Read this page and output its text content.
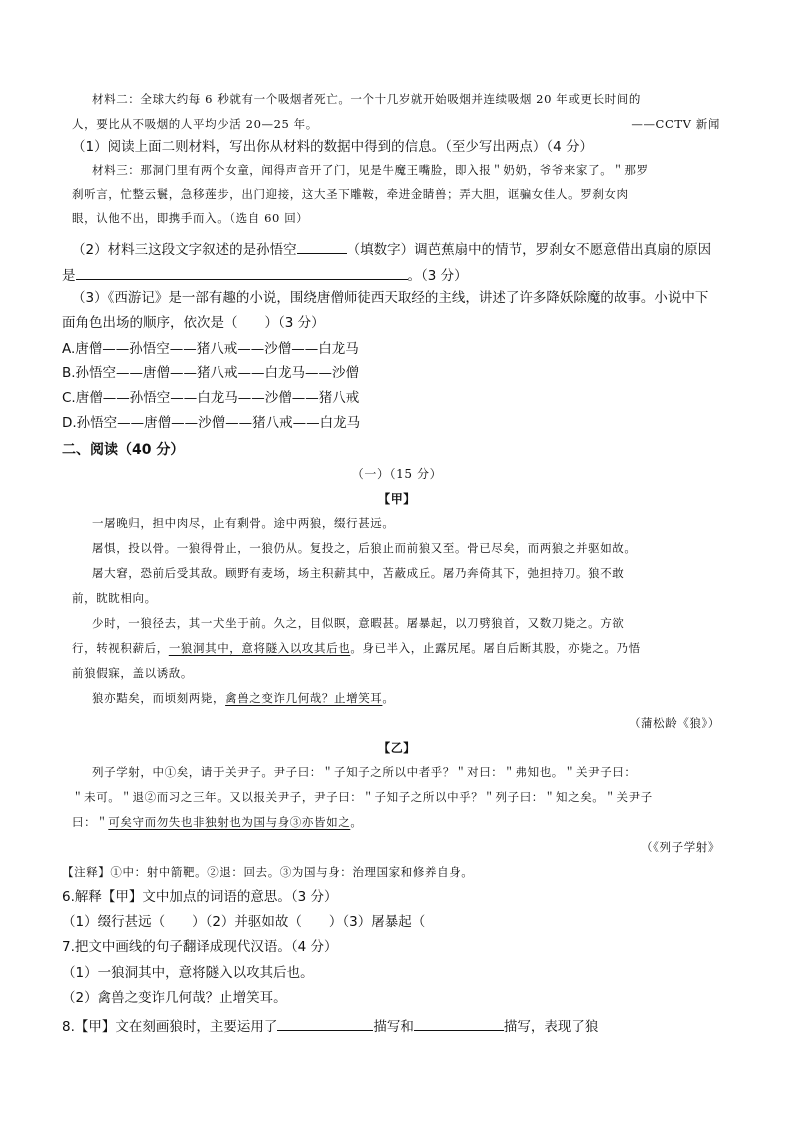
材料二：全球大约每 6 秒就有一个吸烟者死亡。一个十几岁就开始吸烟并连续吸烟 20 年或更长时间的
人，要比从不吸烟的人平均少活 20—25 年。	——CCTV 新闻
（1）阅读上面二则材料，写出你从材料的数据中得到的信息。（至少写出两点）（4 分）
材料三：那洞门里有两个女童，闻得声音开了门，见是牛魔王嘴脸，即入报＂奶奶，爷爷来家了。＂那罗
刹听言，忙整云鬟，急移莲步，出门迎接，这大圣下雕鞍，牵进金睛兽；弄大胆，诓骗女佳人。罗刹女肉
眼，认他不出，即携手而入。（选自 60 回）
（2）材料三这段文字叙述的是孙悟空	（填数字）调芭蕉扇中的情节，罗刹女不愿意借出真扇的原因
是	。（3 分）
（3）《西游记》是一部有趣的小说，围绕唐僧师徒西天取经的主线，讲述了许多降妖除魔的故事。小说中下
面角色出场的顺序，依次是（　　）（3 分）
A.唐僧——孙悟空——猪八戒——沙僧——白龙马
B.孙悟空——唐僧——猪八戒——白龙马——沙僧
C.唐僧——孙悟空——白龙马——沙僧——猪八戒
D.孙悟空——唐僧——沙僧——猪八戒——白龙马
二、阅读（40 分）
（一）（15 分）
【甲】
一屠晚归，担中肉尽，止有剩骨。途中两狼，缀行甚远。
屠惧，投以骨。一狼得骨止，一狼仍从。复投之，后狼止而前狼又至。骨已尽矣，而两狼之并驱如故。
屠大窘，恐前后受其敌。顾野有麦场，场主积薪其中，苫蔽成丘。屠乃奔倚其下，弛担持刀。狼不敢
前，眈眈相向。
少时，一狼径去，其一犬坐于前。久之，目似瞑，意暇甚。屠暴起，以刀劈狼首，又数刀毙之。方欲
行，转视积薪后，一狼洞其中，意将隧入以攻其后也。身已半入，止露尻尾。屠自后断其股，亦毙之。乃悟
前狼假寐，盖以诱敌。
狼亦黠矣，而顷刻两毙，禽兽之变诈几何哉？止增笑耳。
（蒲松龄《狼》）
【乙】
列子学射，中①矣，请于关尹子。尹子曰：＂子知子之所以中者乎？＂对曰：＂弗知也。＂关尹子曰：
＂未可。＂退②而习之三年。又以报关尹子，尹子曰：＂子知子之所以中乎？＂列子曰：＂知之矣。＂关尹子
曰：＂可矣守而勿失也非独射也为国与身③亦皆如之。
（《列子学射》
【注释】①中：射中箭靶。②退：回去。③为国与身：治理国家和修养自身。
6.解释【甲】文中加点的词语的意思。（3 分）
（1）缀行甚远（　　）（2）并驱如故（　　）（3）屠暴起（
7.把文中画线的句子翻译成现代汉语。（4 分）
（1）一狼洞其中，意将隧入以攻其后也。
（2）禽兽之变诈几何哉？止增笑耳。
8.【甲】文在刻画狼时，主要运用了	描写和	描写，表现了狼
